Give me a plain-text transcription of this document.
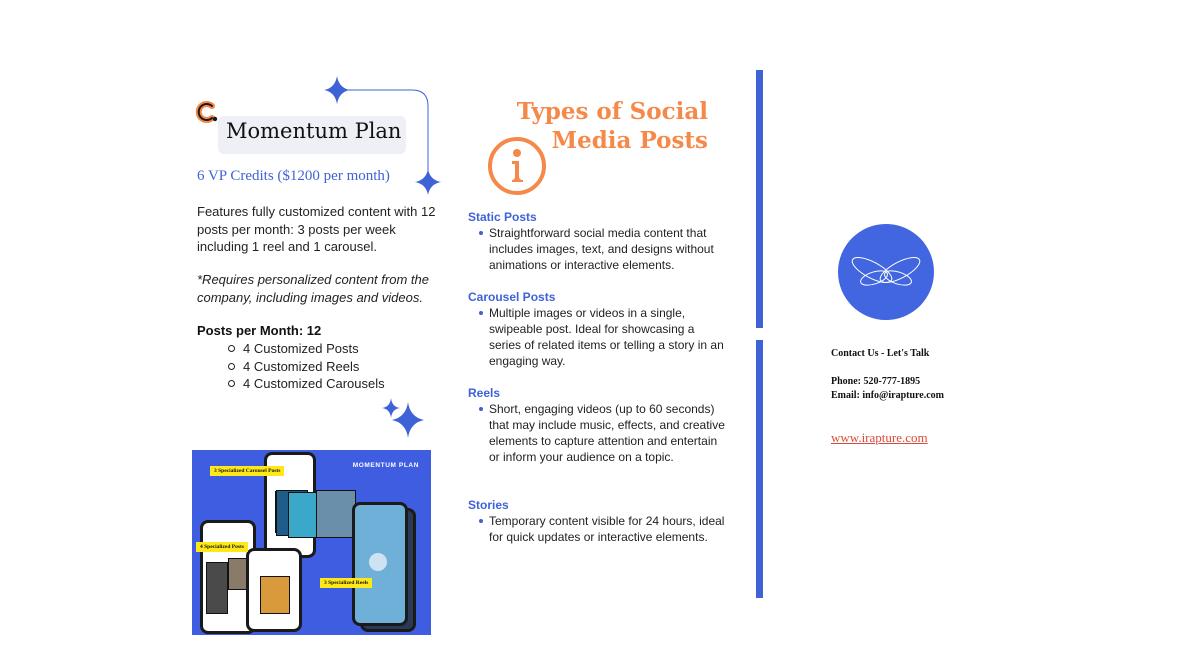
Momentum Plan
6 VP Credits ($1200 per month)
Features fully customized content with 12 posts per month: 3 posts per week including 1 reel and 1 carousel.
*Requires personalized content from the company, including images and videos.
Posts per Month: 12
4 Customized Posts
4 Customized Reels
4 Customized Carousels
MOMENTUM PLAN
3 Specialized Carousel Posts
4 Specialized Posts
3 Specialized Reels
Types of Social
Media Posts
Static Posts
Straightforward social media content that includes images, text, and designs without animations or interactive elements.
Carousel Posts
Multiple images or videos in a single, swipeable post. Ideal for showcasing a series of related items or telling a story in an engaging way.
Reels
Short, engaging videos (up to 60 seconds) that may include music, effects, and creative elements to capture attention and entertain or inform your audience on a topic.
Stories
Temporary content visible for 24 hours, ideal for quick updates or interactive elements.
Contact Us - Let's Talk
Phone: 520-777-1895
Email: info@irapture.com
www.irapture.com
